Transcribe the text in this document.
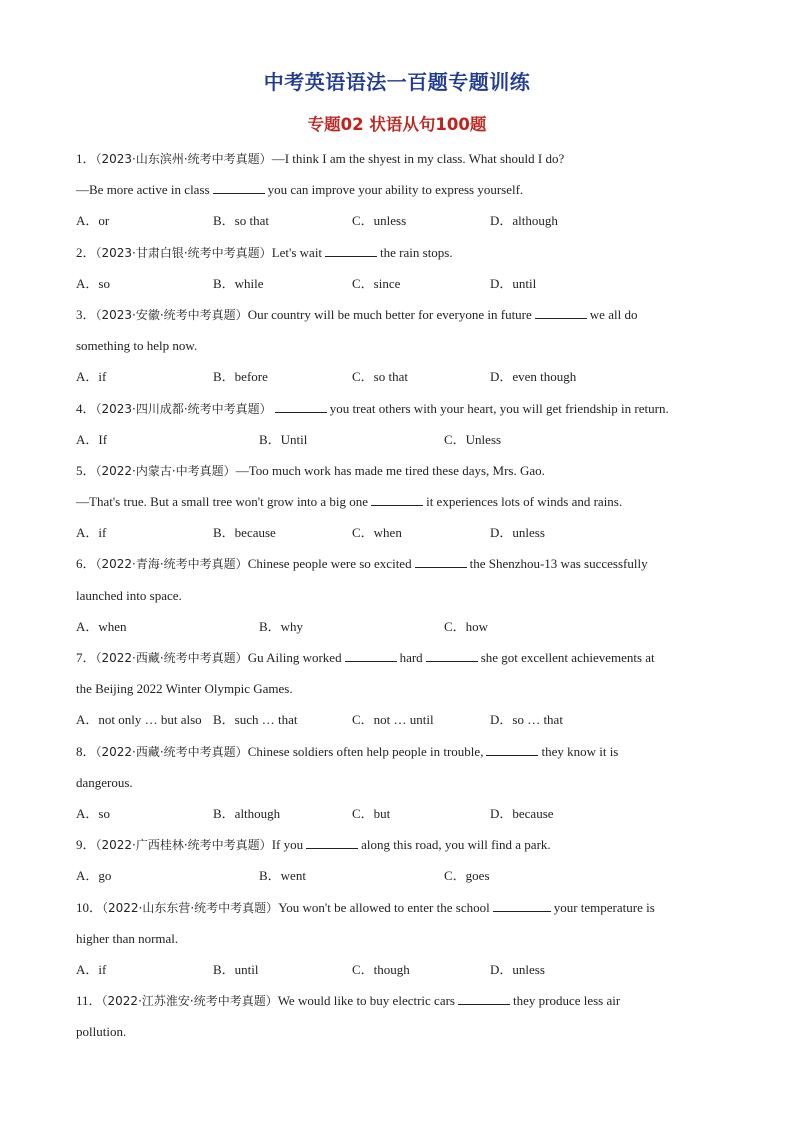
中考英语语法一百题专题训练
专题02 状语从句100题
1．（2023·山东滨州·统考中考真题）—I think I am the shyest in my class. What should I do?
—Be more active in class	you can improve your ability to express yourself.
A．or	B．so that	C．unless	D．although
2．（2023·甘肃白银·统考中考真题）Let's wait	the rain stops.
A．so	B．while	C．since	D．until
3．（2023·安徽·统考中考真题）Our country will be much better for everyone in future	we all do
something to help now.
A．if	B．before	C．so that	D．even though
4．（2023·四川成都·统考中考真题）	you treat others with your heart, you will get friendship in return.
A．If	B．Until	C．Unless
5．（2022·内蒙古·中考真题）—Too much work has made me tired these days, Mrs. Gao.
—That's true. But a small tree won't grow into a big one	it experiences lots of winds and rains.
A．if	B．because	C．when	D．unless
6．（2022·青海·统考中考真题）Chinese people were so excited	the Shenzhou-13 was successfully
launched into space.
A．when	B．why	C．how
7．（2022·西藏·统考中考真题）Gu Ailing worked	hard	she got excellent achievements at
the Beijing 2022 Winter Olympic Games.
A．not only … but also B．such … that	C．not … until	D．so … that
8．（2022·西藏·统考中考真题）Chinese soldiers often help people in trouble,	they know it is
dangerous.
A．so	B．although	C．but	D．because
9．（2022·广西桂林·统考中考真题）If you	along this road, you will find a park.
A．go	B．went	C．goes
10．（2022·山东东营·统考中考真题）You won't be allowed to enter the school	your temperature is
higher than normal.
A．if	B．until	C．though	D．unless
11．（2022·江苏淮安·统考中考真题）We would like to buy electric cars	they produce less air
pollution.
